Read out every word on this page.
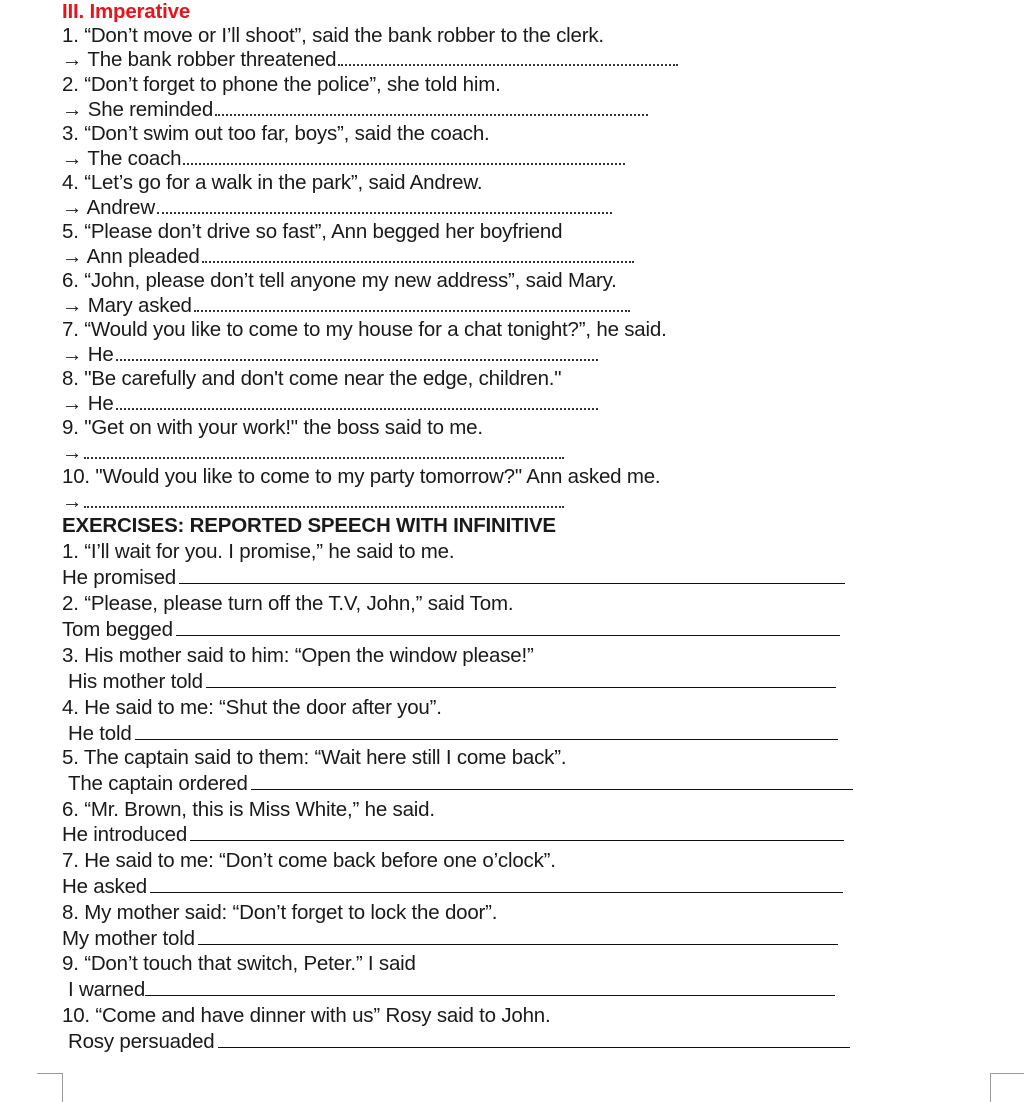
III. Imperative
1. “Don’t move or I’ll shoot”, said the bank robber to the clerk.
→ The bank robber threatened
2. “Don’t forget to phone the police”, she told him.
→ She reminded
3. “Don’t swim out too far, boys”, said the coach.
→ The coach
4. “Let’s go for a walk in the park”, said Andrew.
→ Andrew
5. “Please don’t drive so fast”, Ann begged her boyfriend
→ Ann pleaded
6. “John, please don’t tell anyone my new address”, said Mary.
→ Mary asked
7. “Would you like to come to my house for a chat tonight?”, he said.
→ He
8. "Be carefully and don't come near the edge, children."
→ He
9. "Get on with your work!" the boss said to me.
→
10. "Would you like to come to my party tomorrow?" Ann asked me.
→
EXERCISES: REPORTED SPEECH WITH INFINITIVE
1. “I’ll wait for you. I promise,” he said to me.
He promised
2. “Please, please turn off the T.V, John,” said Tom.
Tom begged
3. His mother said to him: “Open the window please!”
His mother told
4. He said to me: “Shut the door after you”.
He told
5. The captain said to them: “Wait here still I come back”.
The captain ordered
6. “Mr. Brown, this is Miss White,” he said.
He introduced
7. He said to me: “Don’t come back before one o’clock”.
He asked
8. My mother said: “Don’t forget to lock the door”.
My mother told
9. “Don’t touch that switch, Peter.” I said
I warned
10. “Come and have dinner with us” Rosy said to John.
Rosy persuaded
